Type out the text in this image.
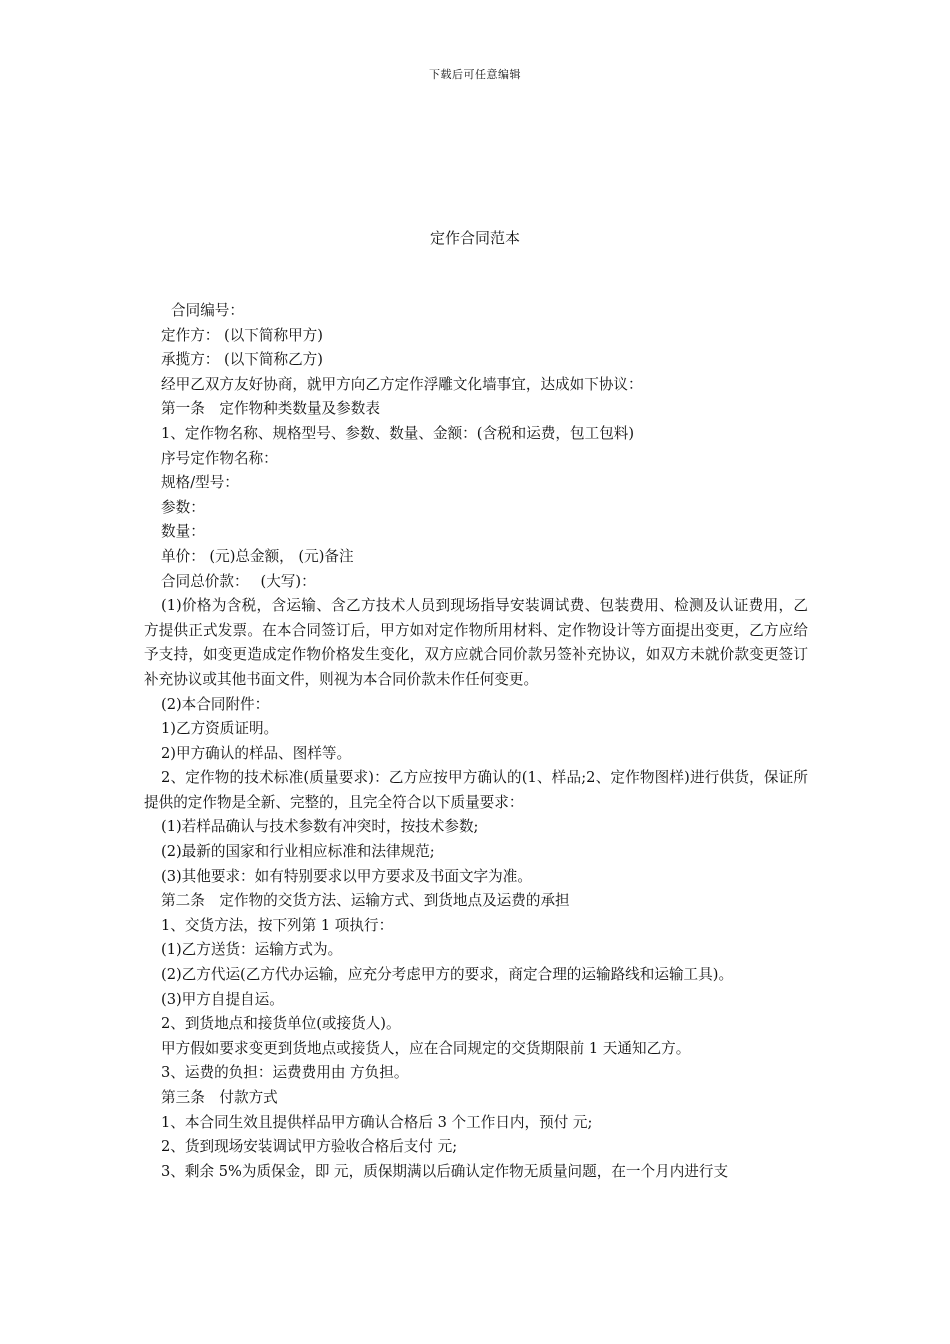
下载后可任意编辑
定作合同范本
合同编号：
定作方： (以下简称甲方)
承揽方： (以下简称乙方)
经甲乙双方友好协商，就甲方向乙方定作浮雕文化墙事宜，达成如下协议：
第一条　定作物种类数量及参数表
1、定作物名称、规格型号、参数、数量、金额：(含税和运费，包工包料)
序号定作物名称：
规格/型号：
参数：
数量：
单价： (元)总金额， (元)备注
合同总价款：　 (大写)：
(1)价格为含税，含运输、含乙方技术人员到现场指导安装调试费、包装费用、检测及认证费用，乙方提供正式发票。在本合同签订后，甲方如对定作物所用材料、定作物设计等方面提出变更，乙方应给予支持，如变更造成定作物价格发生变化，双方应就合同价款另签补充协议，如双方未就价款变更签订补充协议或其他书面文件，则视为本合同价款未作任何变更。
(2)本合同附件：
1)乙方资质证明。
2)甲方确认的样品、图样等。
2、定作物的技术标准(质量要求)：乙方应按甲方确认的(1、样品;2、定作物图样)进行供货，保证所提供的定作物是全新、完整的，且完全符合以下质量要求：
(1)若样品确认与技术参数有冲突时，按技术参数;
(2)最新的国家和行业相应标准和法律规范;
(3)其他要求：如有特别要求以甲方要求及书面文字为准。
第二条　定作物的交货方法、运输方式、到货地点及运费的承担
1、交货方法，按下列第 1 项执行：
(1)乙方送货：运输方式为。
(2)乙方代运(乙方代办运输，应充分考虑甲方的要求，商定合理的运输路线和运输工具)。
(3)甲方自提自运。
2、到货地点和接货单位(或接货人)。
甲方假如要求变更到货地点或接货人，应在合同规定的交货期限前 1 天通知乙方。
3、运费的负担：运费费用由 方负担。
第三条　付款方式
1、本合同生效且提供样品甲方确认合格后 3 个工作日内，预付 元;
2、货到现场安装调试甲方验收合格后支付 元;
3、剩余 5%为质保金，即 元，质保期满以后确认定作物无质量问题，在一个月内进行支
